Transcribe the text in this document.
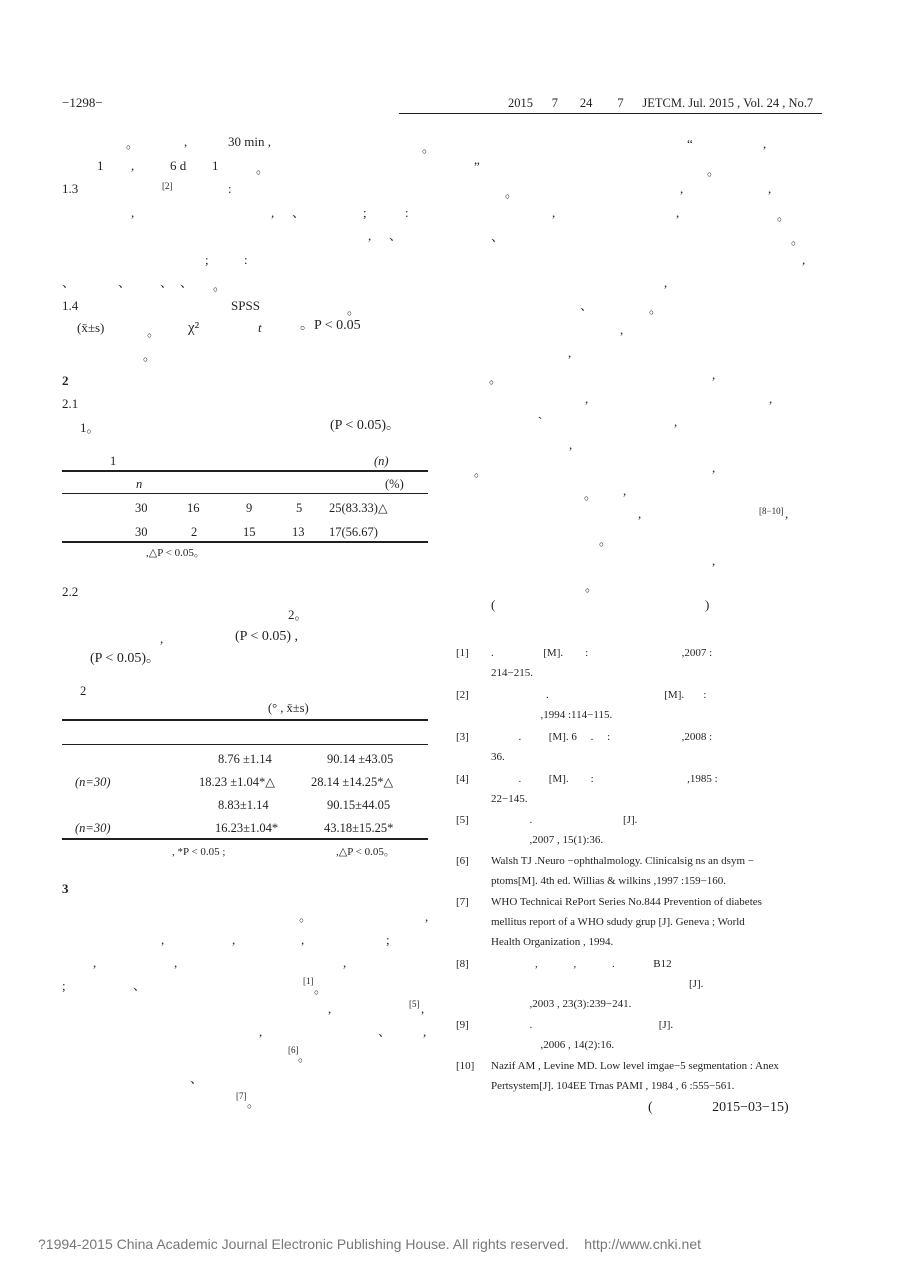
−1298−	2015      7       24        7      JETCM. Jul. 2015 , Vol. 24 , No.7
。	,	30 min ,
1 ,	6 d 1	。
1.3	[2]	:
,	, 、	;	:
, 、
;	:
、	、 、 、 。
1.4	SPSS	。
(x̄±s)	。 χ²	t	。P < 0.05
。
2
2.1
1。	(P < 0.05)。
1	(n)
n	(%)
30	16	9	5 25(83.33)△
30	2	15	13 17(56.67)
,△P < 0.05。
2.2
2。
,	(P < 0.05) ,
(P < 0.05)。
2
(° , x̄±s)
8.76 ±1.14	90.14 ±43.05
(n=30)	18.23 ±1.04*△	28.14 ±14.25*△
8.83±1.14	90.15±44.05
(n=30)	16.23±1.04*	43.18±15.25*
, *P < 0.05 ;	,△P < 0.05。
3
。	,
,	,	,	;
,	,	,
;	、	[1] 。
,	[5] ,
,	、 ,
[6] 。
、
[7] 。
。	“	,
”	。
。	,	,
,	,	。
、	。
,
,
、	。
,
,
。	,
,	,
`	,
,
。	,
。 ,
,	,
。
,
。
[8−10]
(	)
[1] .                  [M].        :                                  ,2007 :
214−215.
[2] .                                          [M].       :
,1994 :114−115.
[3] .          [M]. 6     .     :                          ,2008 :
36.
[4] .          [M].        :                                  ,1985 :
22−145.
[5] .                                 [J].
,2007 , 15(1):36.
[6] Walsh TJ .Neuro −ophthalmology. Clinicalsig ns an dsym −
ptoms[M]. 4th ed. Willias & wilkins ,1997 :159−160.
[7] WHO Technicai RePort Series No.844 Prevention of diabetes
mellitus report of a WHO sdudy grup [J]. Geneva ; World
Health Organization , 1994.
[8] ,             ,             .              B12
[J].
,2003 , 23(3):239−241.
[9] .                                              [J].
,2006 , 14(2):16.
[10] Nazif AM , Levine MD. Low level imgae−5 segmentation : Anex
Pertsystem[J]. 104EE Trnas PAMI , 1984 , 6 :555−561.
(                 2015−03−15)
?1994-2015 China Academic Journal Electronic Publishing House. All rights reserved.    http://www.cnki.net
